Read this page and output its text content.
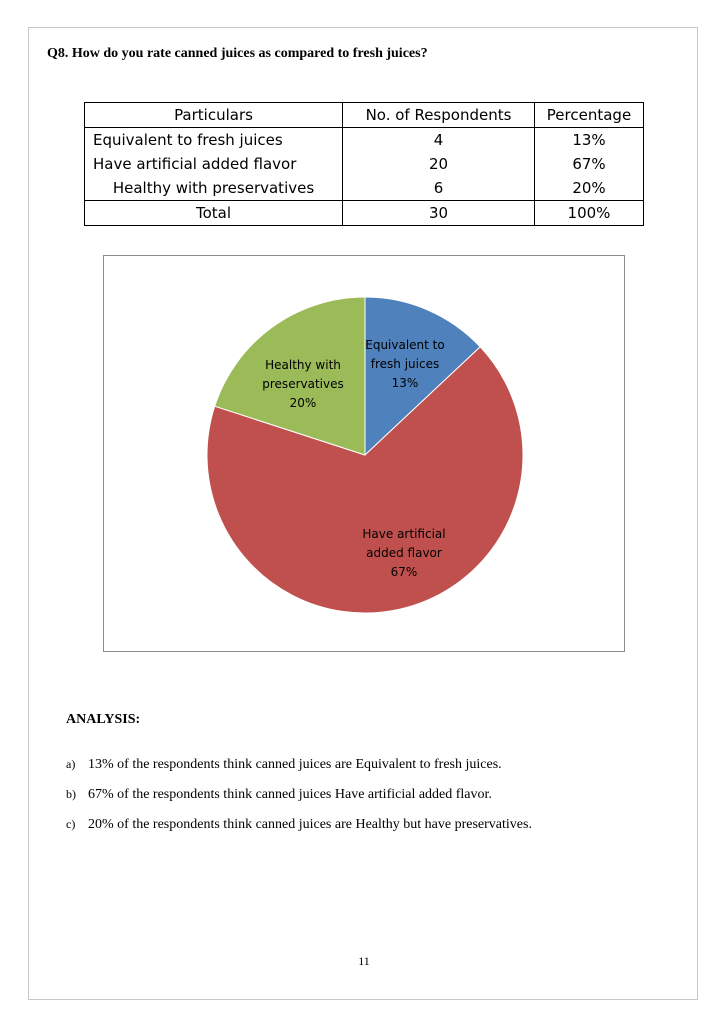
Q8. How do you rate canned juices as compared to fresh juices?
Particulars	No. of Respondents	Percentage
Equivalent to fresh juices	4	13%
Have artificial added flavor	20	67%
Healthy with preservatives	6	20%
Total	30	100%
Equivalent to fresh juices 13%
Have artificial added flavor 67%
Healthy with preservatives 20%
ANALYSIS:
a) 13% of the respondents think canned juices are Equivalent to fresh juices.
b) 67% of the respondents think canned juices Have artificial added flavor.
c) 20% of the respondents think canned juices are Healthy but have preservatives.
11
